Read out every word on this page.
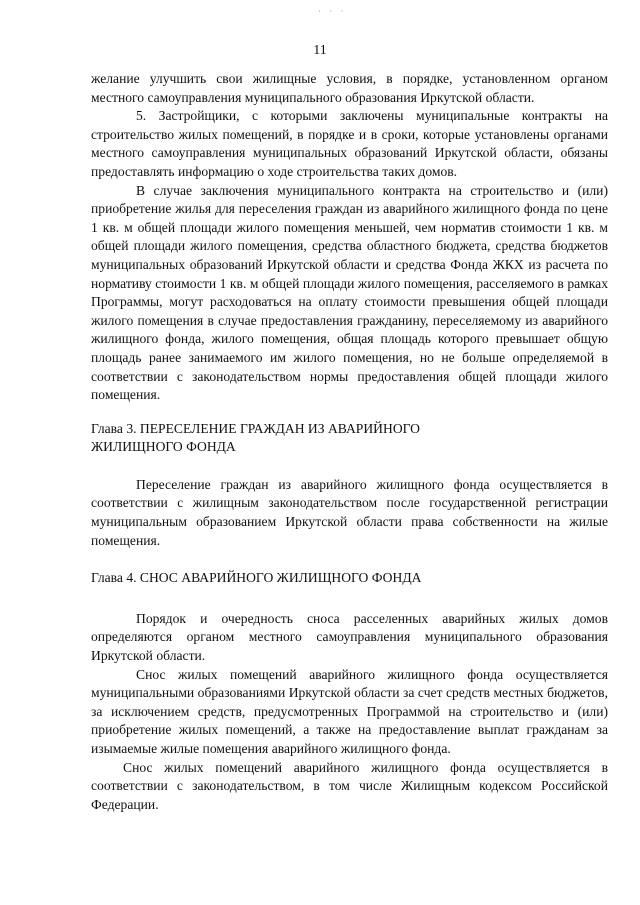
· · ·
11

желание улучшить свои жилищные условия, в порядке, установленном органом местного самоуправления муниципального образования Иркутской области.

5. Застройщики, с которыми заключены муниципальные контракты на строительство жилых помещений, в порядке и в сроки, которые установлены органами местного самоуправления муниципальных образований Иркутской области, обязаны предоставлять информацию о ходе строительства таких домов.

В случае заключения муниципального контракта на строительство и (или) приобретение жилья для переселения граждан из аварийного жилищного фонда по цене 1 кв. м общей площади жилого помещения меньшей, чем норматив стоимости 1 кв. м общей площади жилого помещения, средства областного бюджета, средства бюджетов муниципальных образований Иркутской области и средства Фонда ЖКХ из расчета по нормативу стоимости 1 кв. м общей площади жилого помещения, расселяемого в рамках Программы, могут расходоваться на оплату стоимости превышения общей площади жилого помещения в случае предоставления гражданину, переселяемому из аварийного жилищного фонда, жилого помещения, общая площадь которого превышает общую площадь ранее занимаемого им жилого помещения, но не больше определяемой в соответствии с законодательством нормы предоставления общей площади жилого помещения.

Глава 3. ПЕРЕСЕЛЕНИЕ ГРАЖДАН ИЗ АВАРИЙНОГО

ЖИЛИЩНОГО ФОНДА

Переселение граждан из аварийного жилищного фонда осуществляется в соответствии с жилищным законодательством после государственной регистрации муниципальным образованием Иркутской области права собственности на жилые помещения.

Глава 4. СНОС АВАРИЙНОГО ЖИЛИЩНОГО ФОНДА

Порядок и очередность сноса расселенных аварийных жилых домов определяются органом местного самоуправления муниципального образования Иркутской области.

Снос жилых помещений аварийного жилищного фонда осуществляется муниципальными образованиями Иркутской области за счет средств местных бюджетов, за исключением средств, предусмотренных Программой на строительство и (или) приобретение жилых помещений, а также на предоставление выплат гражданам за изымаемые жилые помещения аварийного жилищного фонда.

Снос жилых помещений аварийного жилищного фонда осуществляется в соответствии с законодательством, в том числе Жилищным кодексом Российской Федерации.
